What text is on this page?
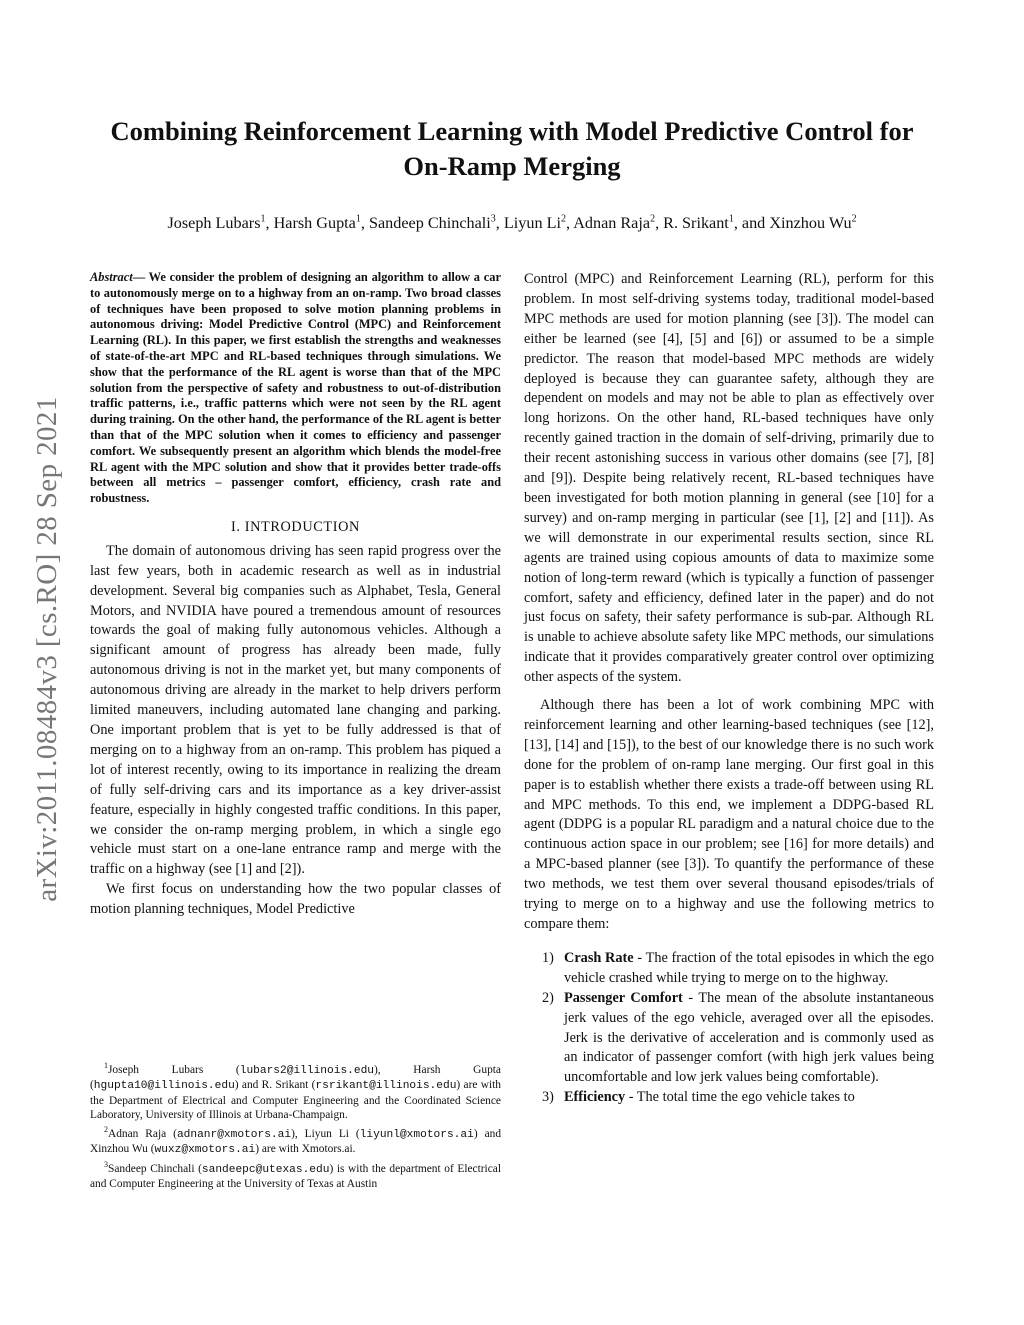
arXiv:2011.08484v3 [cs.RO] 28 Sep 2021
Combining Reinforcement Learning with Model Predictive Control for
On-Ramp Merging
Joseph Lubars$^1$, Harsh Gupta$^1$, Sandeep Chinchali$^3$, Liyun Li$^2$, Adnan Raja$^2$, R. Srikant$^1$, and Xinzhou Wu$^2$

Abstract— We consider the problem of designing an algorithm to allow a car to autonomously merge on to a highway from an on-ramp. Two broad classes of techniques have been proposed to solve motion planning problems in autonomous driving: Model Predictive Control (MPC) and Reinforcement Learning (RL). In this paper, we first establish the strengths and weaknesses of state-of-the-art MPC and RL-based techniques through simulations. We show that the performance of the RL agent is worse than that of the MPC solution from the perspective of safety and robustness to out-of-distribution traffic patterns, i.e., traffic patterns which were not seen by the RL agent during training. On the other hand, the performance of the RL agent is better than that of the MPC solution when it comes to efficiency and passenger comfort. We subsequently present an algorithm which blends the model-free RL agent with the MPC solution and show that it provides better trade-offs between all metrics – passenger comfort, efficiency, crash rate and robustness.

I. INTRODUCTION

The domain of autonomous driving has seen rapid progress over the last few years, both in academic research as well as in industrial development. Several big companies such as Alphabet, Tesla, General Motors, and NVIDIA have poured a tremendous amount of resources towards the goal of making fully autonomous vehicles. Although a significant amount of progress has already been made, fully autonomous driving is not in the market yet, but many components of autonomous driving are already in the market to help drivers perform limited maneuvers, including automated lane changing and parking. One important problem that is yet to be fully addressed is that of merging on to a highway from an on-ramp. This problem has piqued a lot of interest recently, owing to its importance in realizing the dream of fully self-driving cars and its importance as a key driver-assist feature, especially in highly congested traffic conditions. In this paper, we consider the on-ramp merging problem, in which a single ego vehicle must start on a one-lane entrance ramp and merge with the traffic on a highway (see [1] and [2]).

We first focus on understanding how the two popular classes of motion planning techniques, Model Predictive

$^1$Joseph Lubars (lubars2@illinois.edu), Harsh Gupta (hgupta10@illinois.edu) and R. Srikant (rsrikant@illinois.edu) are with the Department of Electrical and Computer Engineering and the Coordinated Science Laboratory, University of Illinois at Urbana-Champaign.

$^2$Adnan Raja (adnanr@xmotors.ai), Liyun Li (liyunl@xmotors.ai) and Xinzhou Wu (wuxz@xmotors.ai) are with Xmotors.ai.

$^3$Sandeep Chinchali (sandeepc@utexas.edu) is with the department of Electrical and Computer Engineering at the University of Texas at Austin

Control (MPC) and Reinforcement Learning (RL), perform for this problem. In most self-driving systems today, traditional model-based MPC methods are used for motion planning (see [3]). The model can either be learned (see [4], [5] and [6]) or assumed to be a simple predictor. The reason that model-based MPC methods are widely deployed is because they can guarantee safety, although they are dependent on models and may not be able to plan as effectively over long horizons. On the other hand, RL-based techniques have only recently gained traction in the domain of self-driving, primarily due to their recent astonishing success in various other domains (see [7], [8] and [9]). Despite being relatively recent, RL-based techniques have been investigated for both motion planning in general (see [10] for a survey) and on-ramp merging in particular (see [1], [2] and [11]). As we will demonstrate in our experimental results section, since RL agents are trained using copious amounts of data to maximize some notion of long-term reward (which is typically a function of passenger comfort, safety and efficiency, defined later in the paper) and do not just focus on safety, their safety performance is sub-par. Although RL is unable to achieve absolute safety like MPC methods, our simulations indicate that it provides comparatively greater control over optimizing other aspects of the system.

Although there has been a lot of work combining MPC with reinforcement learning and other learning-based techniques (see [12], [13], [14] and [15]), to the best of our knowledge there is no such work done for the problem of on-ramp lane merging. Our first goal in this paper is to establish whether there exists a trade-off between using RL and MPC methods. To this end, we implement a DDPG-based RL agent (DDPG is a popular RL paradigm and a natural choice due to the continuous action space in our problem; see [16] for more details) and a MPC-based planner (see [3]). To quantify the performance of these two methods, we test them over several thousand episodes/trials of trying to merge on to a highway and use the following metrics to compare them:

1) Crash Rate - The fraction of the total episodes in which the ego vehicle crashed while trying to merge on to the highway.
2) Passenger Comfort - The mean of the absolute instantaneous jerk values of the ego vehicle, averaged over all the episodes. Jerk is the derivative of acceleration and is commonly used as an indicator of passenger comfort (with high jerk values being uncomfortable and low jerk values being comfortable).
3) Efficiency - The total time the ego vehicle takes to
